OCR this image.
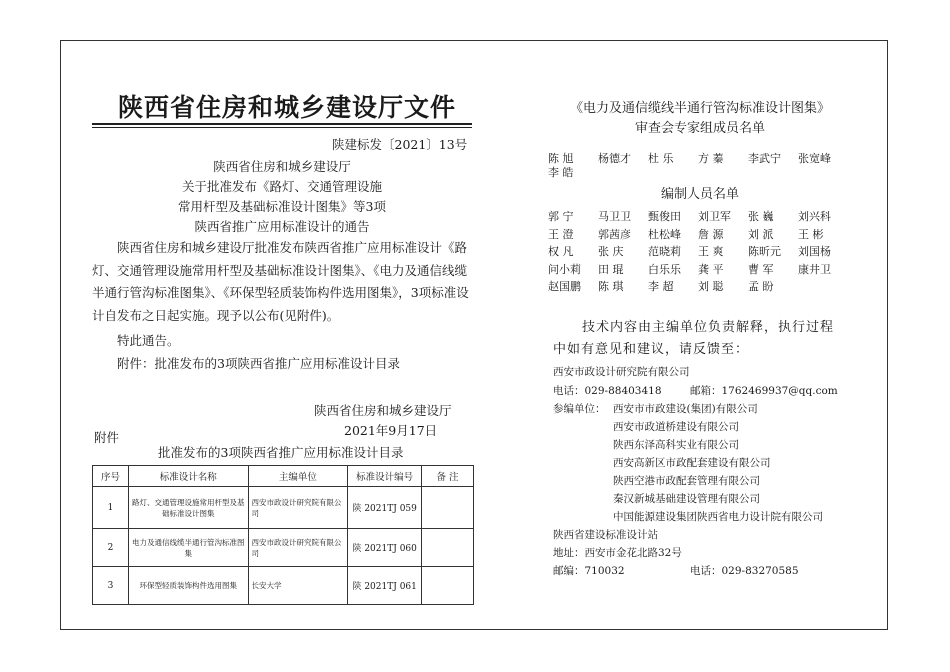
陕西省住房和城乡建设厅文件
陕建标发〔2021〕13号
陕西省住房和城乡建设厅
关于批准发布《路灯、交通管理设施
常用杆型及基础标准设计图集》等3项
陕西省推广应用标准设计的通告
陕西省住房和城乡建设厅批准发布陕西省推广应用标准设计《路灯、交通管理设施常用杆型及基础标准设计图集》、《电力及通信线缆半通行管沟标准图集》、《环保型轻质装饰构件选用图集》，3项标准设计自发布之日起实施。现予以公布(见附件)。
特此通告。
附件：批准发布的3项陕西省推广应用标准设计目录
陕西省住房和城乡建设厅
2021年9月17日
附件
批准发布的3项陕西省推广应用标准设计目录
序号	标准设计名称	主编单位	标准设计编号	备 注
1	路灯、交通管理设施常用杆型及基础标准设计图集	西安市政设计研究院有限公司	陕 2021TJ 059	
2	电力及通信线缆半通行管沟标准图集	西安市政设计研究院有限公司	陕 2021TJ 060	
3	环保型轻质装饰构件选用图集	长安大学	陕 2021TJ 061	
《电力及通信缆线半通行管沟标准设计图集》
审查会专家组成员名单
陈 旭	杨德才	杜 乐	方 蓁	李武宁	张宽峰
李 皓
编制人员名单
郭 宁	马卫卫	甄俊田	刘卫军	张 巍	刘兴科
王 澄	郭茜彦	杜松峰	詹 源	刘 派	王 彬
权 凡	张 庆	范晓莉	王 爽	陈昕元	刘国杨
问小莉	田 琨	白乐乐	龚 平	曹 军	康井卫
赵国鹏	陈 琪	李 超	刘 聪	孟 盼
技术内容由主编单位负责解释，执行过程
中如有意见和建议，请反馈至：
西安市政设计研究院有限公司
电话：029-88403418	邮箱：1762469937@qq.com
参编单位： 西安市市政建设(集团)有限公司
西安市政道桥建设有限公司
陕西东泽高科实业有限公司
西安高新区市政配套建设有限公司
陕西空港市政配套管理有限公司
秦汉新城基础建设管理有限公司
中国能源建设集团陕西省电力设计院有限公司
陕西省建设标准设计站
地址：西安市金花北路32号
邮编：710032	电话：029-83270585
